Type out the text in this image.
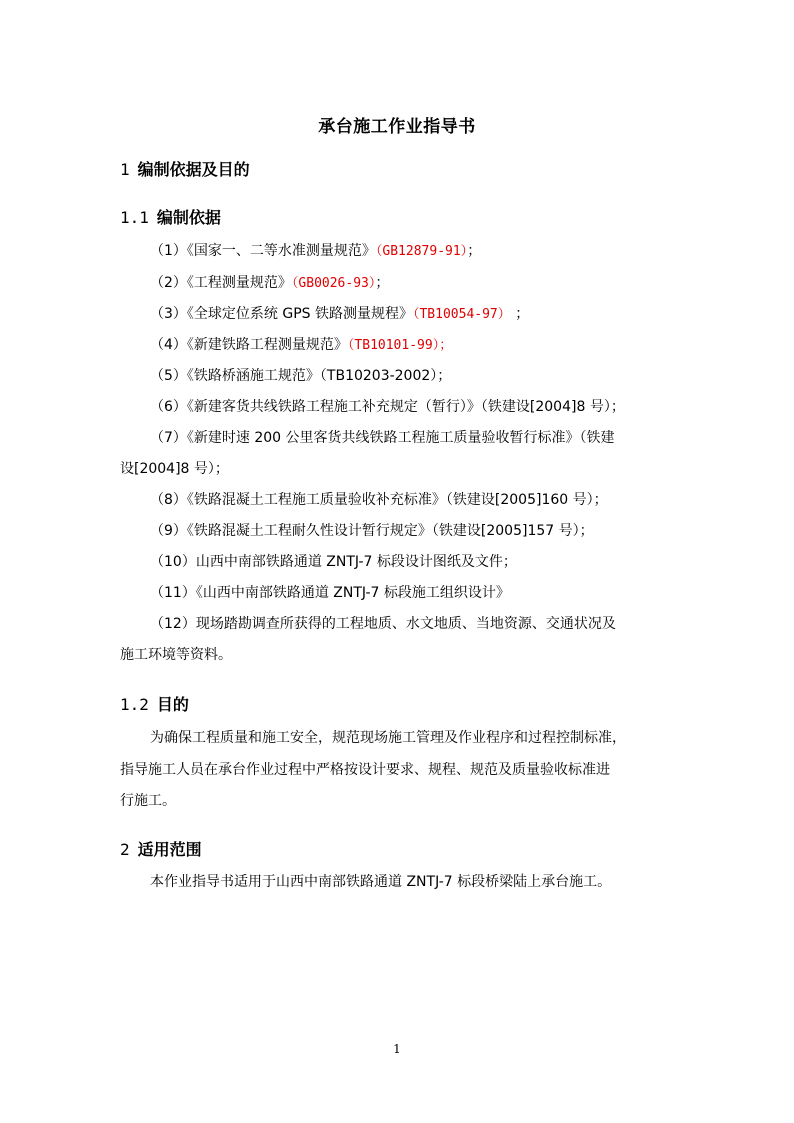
承台施工作业指导书
1 编制依据及目的
1.1 编制依据
（1）《国家一、二等水准测量规范》（GB12879-91）；
（2）《工程测量规范》（GB0026-93）；
（3）《全球定位系统 GPS 铁路测量规程》（TB10054-97） ；
（4）《新建铁路工程测量规范》（TB10101-99）；
（5）《铁路桥涵施工规范》（TB10203-2002）；
（6）《新建客货共线铁路工程施工补充规定（暂行）》（铁建设[2004]8 号）；
（7）《新建时速 200 公里客货共线铁路工程施工质量验收暂行标准》（铁建
设[2004]8 号）；
（8）《铁路混凝土工程施工质量验收补充标准》（铁建设[2005]160 号）；
（9）《铁路混凝土工程耐久性设计暂行规定》（铁建设[2005]157 号）；
（10）山西中南部铁路通道 ZNTJ-7 标段设计图纸及文件；
（11）《山西中南部铁路通道 ZNTJ-7 标段施工组织设计》
（12）现场踏勘调查所获得的工程地质、水文地质、当地资源、交通状况及
施工环境等资料。
1.2 目的
为确保工程质量和施工安全，规范现场施工管理及作业程序和过程控制标准，
指导施工人员在承台作业过程中严格按设计要求、规程、规范及质量验收标准进
行施工。
2 适用范围
本作业指导书适用于山西中南部铁路通道 ZNTJ-7 标段桥梁陆上承台施工。
1
